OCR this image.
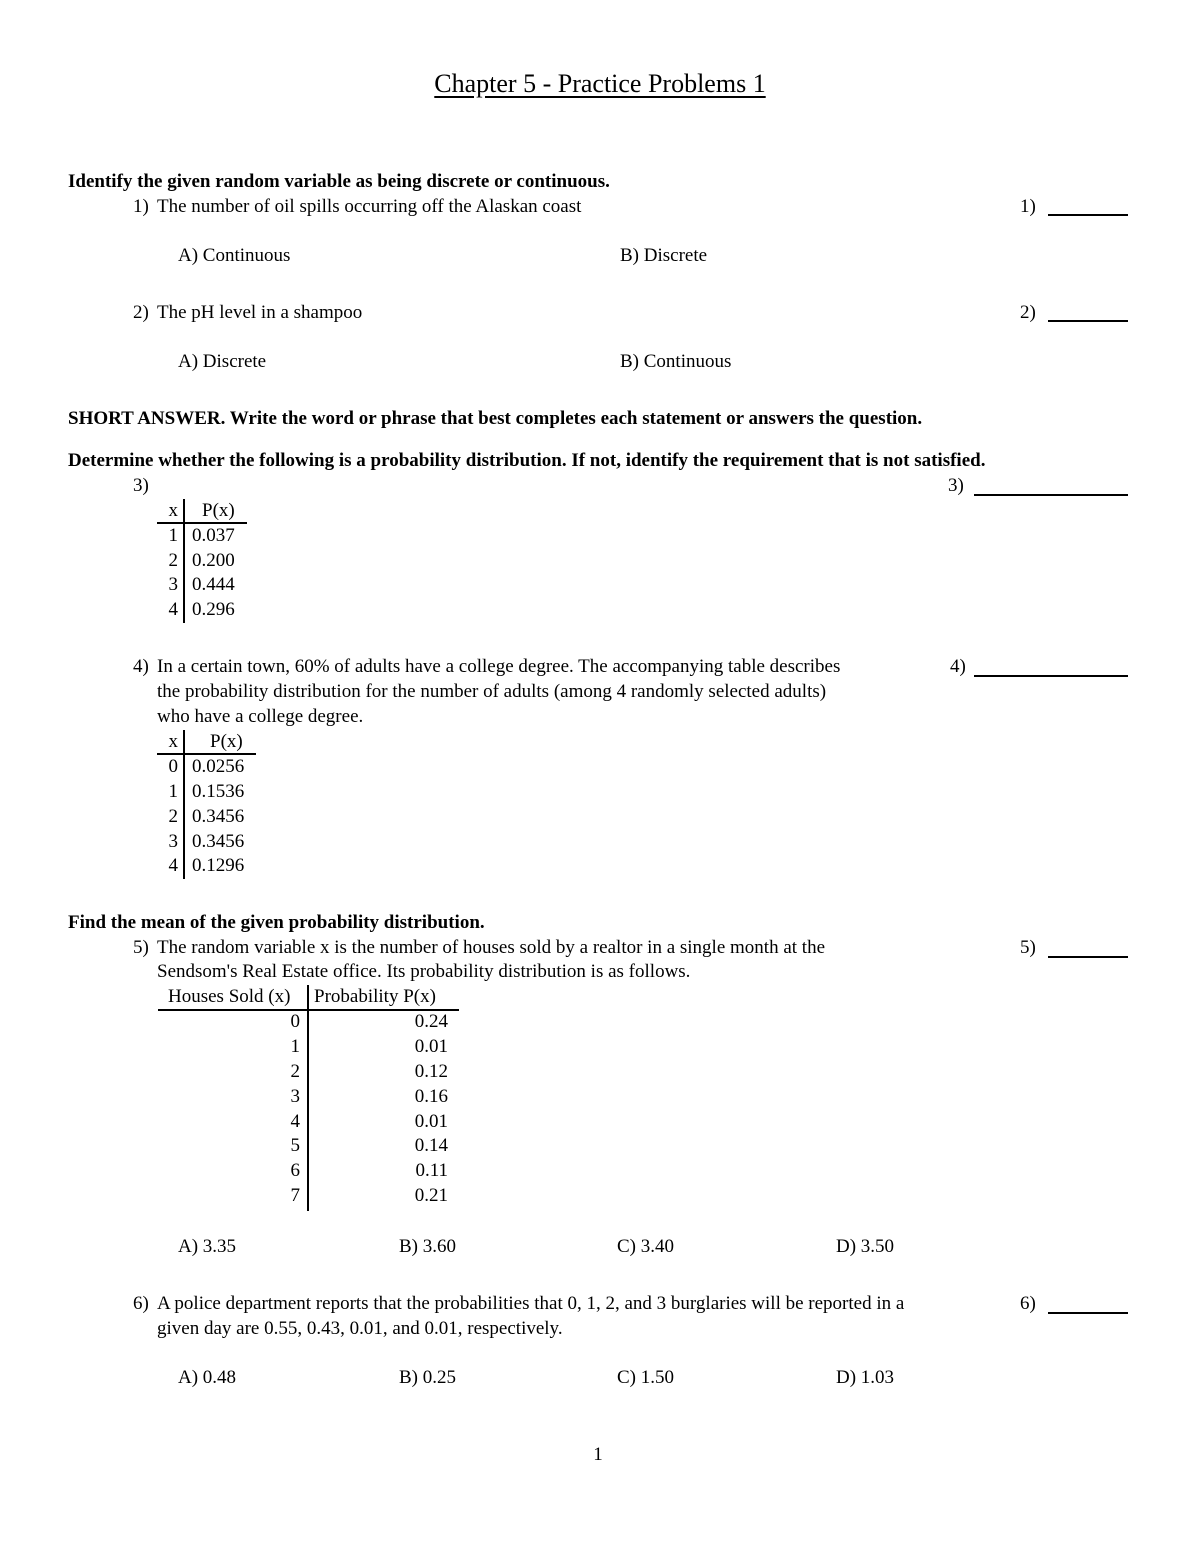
Chapter 5 - Practice Problems 1
Identify the given random variable as being discrete or continuous.
1) The number of oil spills occurring off the Alaskan coast	1)
A) Continuous	B) Discrete
2) The pH level in a shampoo	2)
A) Discrete	B) Continuous
SHORT ANSWER. Write the word or phrase that best completes each statement or answers the question.
Determine whether the following is a probability distribution. If not, identify the requirement that is not satisfied.
3)	3)
x P(x)
1 0.037
2 0.200
3 0.444
4 0.296
4) In a certain town, 60% of adults have a college degree. The accompanying table describes
the probability distribution for the number of adults (among 4 randomly selected adults)
who have a college degree.
4)
x P(x)
0 0.0256
1 0.1536
2 0.3456
3 0.3456
4 0.1296
Find the mean of the given probability distribution.
5) The random variable x is the number of houses sold by a realtor in a single month at the
Sendsom's Real Estate office. Its probability distribution is as follows.
5)
Houses Sold (x) Probability P(x)
0	0.24
1	0.01
2	0.12
3	0.16
4	0.01
5	0.14
6	0.11
7	0.21
A) 3.35	B) 3.60	C) 3.40	D) 3.50
6) A police department reports that the probabilities that 0, 1, 2, and 3 burglaries will be reported in a
given day are 0.55, 0.43, 0.01, and 0.01, respectively.
6)
A) 0.48	B) 0.25	C) 1.50	D) 1.03
1
